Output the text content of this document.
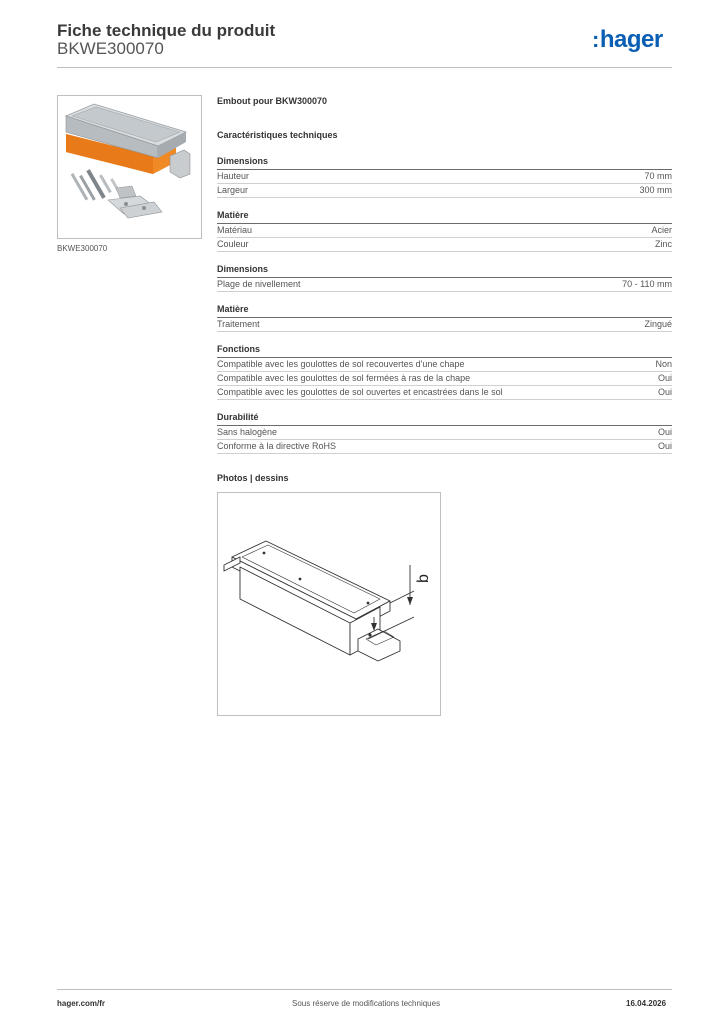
Fiche technique du produit
BKWE300070	:hager
BKWE300070
Embout pour BKW300070
Caractéristiques techniques
Dimensions
Hauteur	70 mm
Largeur	300 mm
Matière
Matériau	Acier
Couleur	Zinc
Dimensions
Plage de nivellement	70 - 110 mm
Matière
Traitement	Zingué
Fonctions
Compatible avec les goulottes de sol recouvertes d'une chape	Non
Compatible avec les goulottes de sol fermées à ras de la chape	Oui
Compatible avec les goulottes de sol ouvertes et encastrées dans le sol	Oui
Durabilité
Sans halogène	Oui
Conforme à la directive RoHS	Oui
Photos | dessins
b
hager.com/fr	Sous réserve de modifications techniques	16.04.2026
